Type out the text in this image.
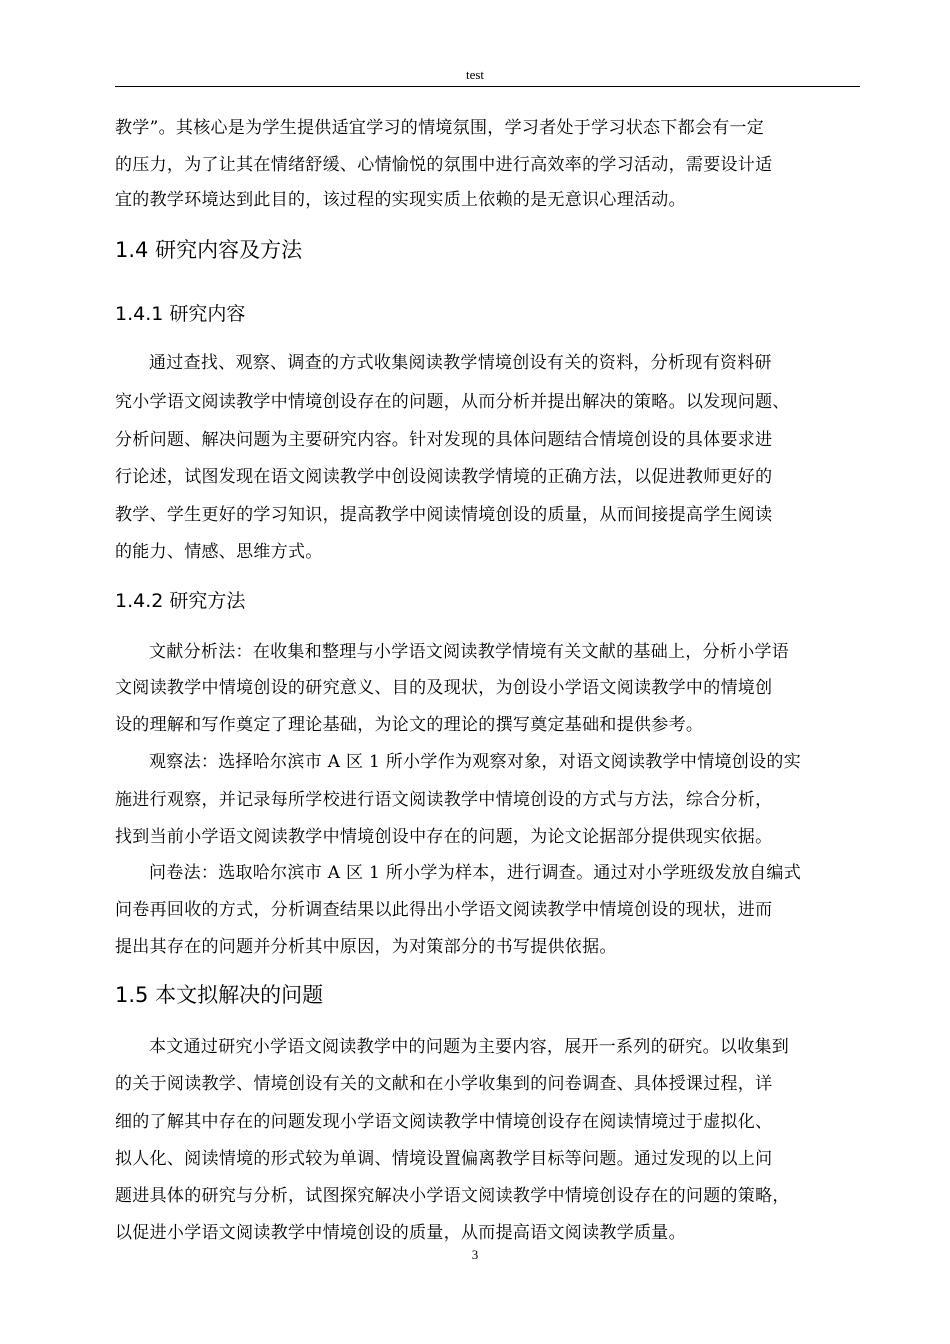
test
教学”。其核心是为学生提供适宜学习的情境氛围，学习者处于学习状态下都会有一定
的压力，为了让其在情绪舒缓、心情愉悦的氛围中进行高效率的学习活动，需要设计适
宜的教学环境达到此目的，该过程的实现实质上依赖的是无意识心理活动。
1.4 研究内容及方法
1.4.1 研究内容
通过查找、观察、调查的方式收集阅读教学情境创设有关的资料，分析现有资料研
究小学语文阅读教学中情境创设存在的问题，从而分析并提出解决的策略。以发现问题、
分析问题、解决问题为主要研究内容。针对发现的具体问题结合情境创设的具体要求进
行论述，试图发现在语文阅读教学中创设阅读教学情境的正确方法，以促进教师更好的
教学、学生更好的学习知识，提高教学中阅读情境创设的质量，从而间接提高学生阅读
的能力、情感、思维方式。
1.4.2 研究方法
文献分析法：在收集和整理与小学语文阅读教学情境有关文献的基础上，分析小学语
文阅读教学中情境创设的研究意义、目的及现状，为创设小学语文阅读教学中的情境创
设的理解和写作奠定了理论基础，为论文的理论的撰写奠定基础和提供参考。
观察法：选择哈尔滨市 A 区 1 所小学作为观察对象，对语文阅读教学中情境创设的实
施进行观察，并记录每所学校进行语文阅读教学中情境创设的方式与方法，综合分析，
找到当前小学语文阅读教学中情境创设中存在的问题，为论文论据部分提供现实依据。
问卷法：选取哈尔滨市 A 区 1 所小学为样本，进行调查。通过对小学班级发放自编式
问卷再回收的方式，分析调查结果以此得出小学语文阅读教学中情境创设的现状，进而
提出其存在的问题并分析其中原因，为对策部分的书写提供依据。
1.5 本文拟解决的问题
本文通过研究小学语文阅读教学中的问题为主要内容，展开一系列的研究。以收集到
的关于阅读教学、情境创设有关的文献和在小学收集到的问卷调查、具体授课过程，详
细的了解其中存在的问题发现小学语文阅读教学中情境创设存在阅读情境过于虚拟化、
拟人化、阅读情境的形式较为单调、情境设置偏离教学目标等问题。通过发现的以上问
题进具体的研究与分析，试图探究解决小学语文阅读教学中情境创设存在的问题的策略，
以促进小学语文阅读教学中情境创设的质量，从而提高语文阅读教学质量。
3
